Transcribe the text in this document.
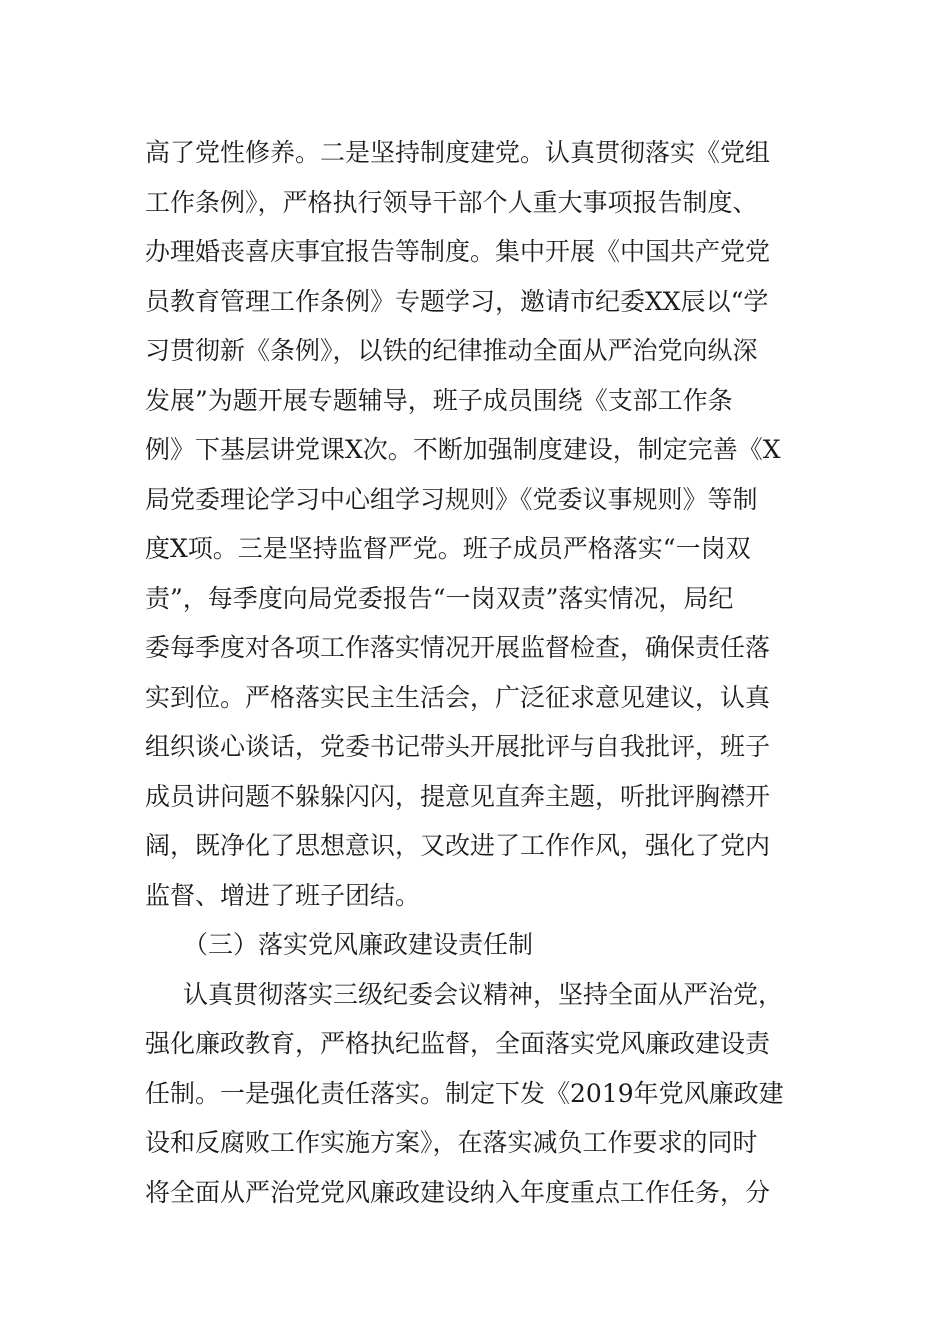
高了党性修养。二是坚持制度建党。认真贯彻落实《党组
工作条例》，严格执行领导干部个人重大事项报告制度、
办理婚丧喜庆事宜报告等制度。集中开展《中国共产党党
员教育管理工作条例》专题学习，邀请市纪委XX辰以“学
习贯彻新《条例》，以铁的纪律推动全面从严治党向纵深
发展”为题开展专题辅导，班子成员围绕《支部工作条
例》下基层讲党课X次。不断加强制度建设，制定完善《X
局党委理论学习中心组学习规则》《党委议事规则》等制
度X项。三是坚持监督严党。班子成员严格落实“一岗双
责”，每季度向局党委报告“一岗双责”落实情况，局纪
委每季度对各项工作落实情况开展监督检查，确保责任落
实到位。严格落实民主生活会，广泛征求意见建议，认真
组织谈心谈话，党委书记带头开展批评与自我批评，班子
成员讲问题不躲躲闪闪，提意见直奔主题，听批评胸襟开
阔，既净化了思想意识，又改进了工作作风，强化了党内
监督、增进了班子团结。
（三）落实党风廉政建设责任制
认真贯彻落实三级纪委会议精神，坚持全面从严治党，
强化廉政教育，严格执纪监督，全面落实党风廉政建设责
任制。一是强化责任落实。制定下发《2019年党风廉政建
设和反腐败工作实施方案》，在落实减负工作要求的同时
将全面从严治党党风廉政建设纳入年度重点工作任务，分
